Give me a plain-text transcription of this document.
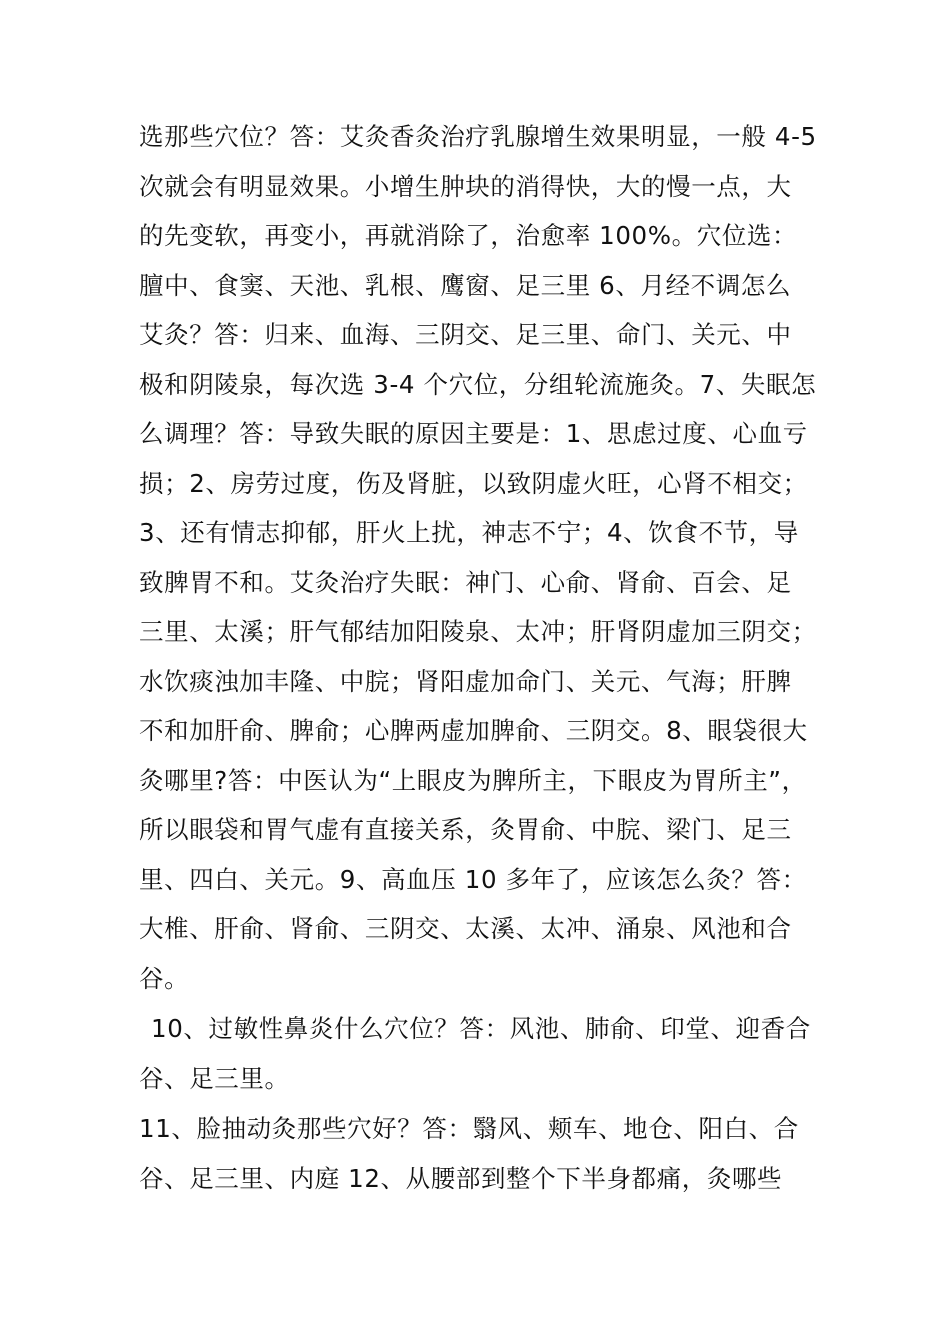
选那些穴位？答：艾灸香灸治疗乳腺增生效果明显，一般 4-5
次就会有明显效果。小增生肿块的消得快，大的慢一点，大
的先变软，再变小，再就消除了，治愈率 100%。穴位选：
膻中、食窦、天池、乳根、鹰窗、足三里 6、月经不调怎么
艾灸？答：归来、血海、三阴交、足三里、命门、关元、中
极和阴陵泉，每次选 3-4 个穴位，分组轮流施灸。7、失眠怎
么调理？答：导致失眠的原因主要是：1、思虑过度、心血亏
损；2、房劳过度，伤及肾脏，以致阴虚火旺，心肾不相交；
3、还有情志抑郁，肝火上扰，神志不宁；4、饮食不节，导
致脾胃不和。艾灸治疗失眠：神门、心俞、肾俞、百会、足
三里、太溪；肝气郁结加阳陵泉、太冲；肝肾阴虚加三阴交；
水饮痰浊加丰隆、中脘；肾阳虚加命门、关元、气海；肝脾
不和加肝俞、脾俞；心脾两虚加脾俞、三阴交。8、眼袋很大
灸哪里?答：中医认为“上眼皮为脾所主，下眼皮为胃所主”，
所以眼袋和胃气虚有直接关系，灸胃俞、中脘、梁门、足三
里、四白、关元。9、高血压 10 多年了，应该怎么灸？答：
大椎、肝俞、肾俞、三阴交、太溪、太冲、涌泉、风池和合
谷。
10、过敏性鼻炎什么穴位？答：风池、肺俞、印堂、迎香合
谷、足三里。
11、脸抽动灸那些穴好？答：翳风、颊车、地仓、阳白、合
谷、足三里、内庭 12、从腰部到整个下半身都痛，灸哪些
